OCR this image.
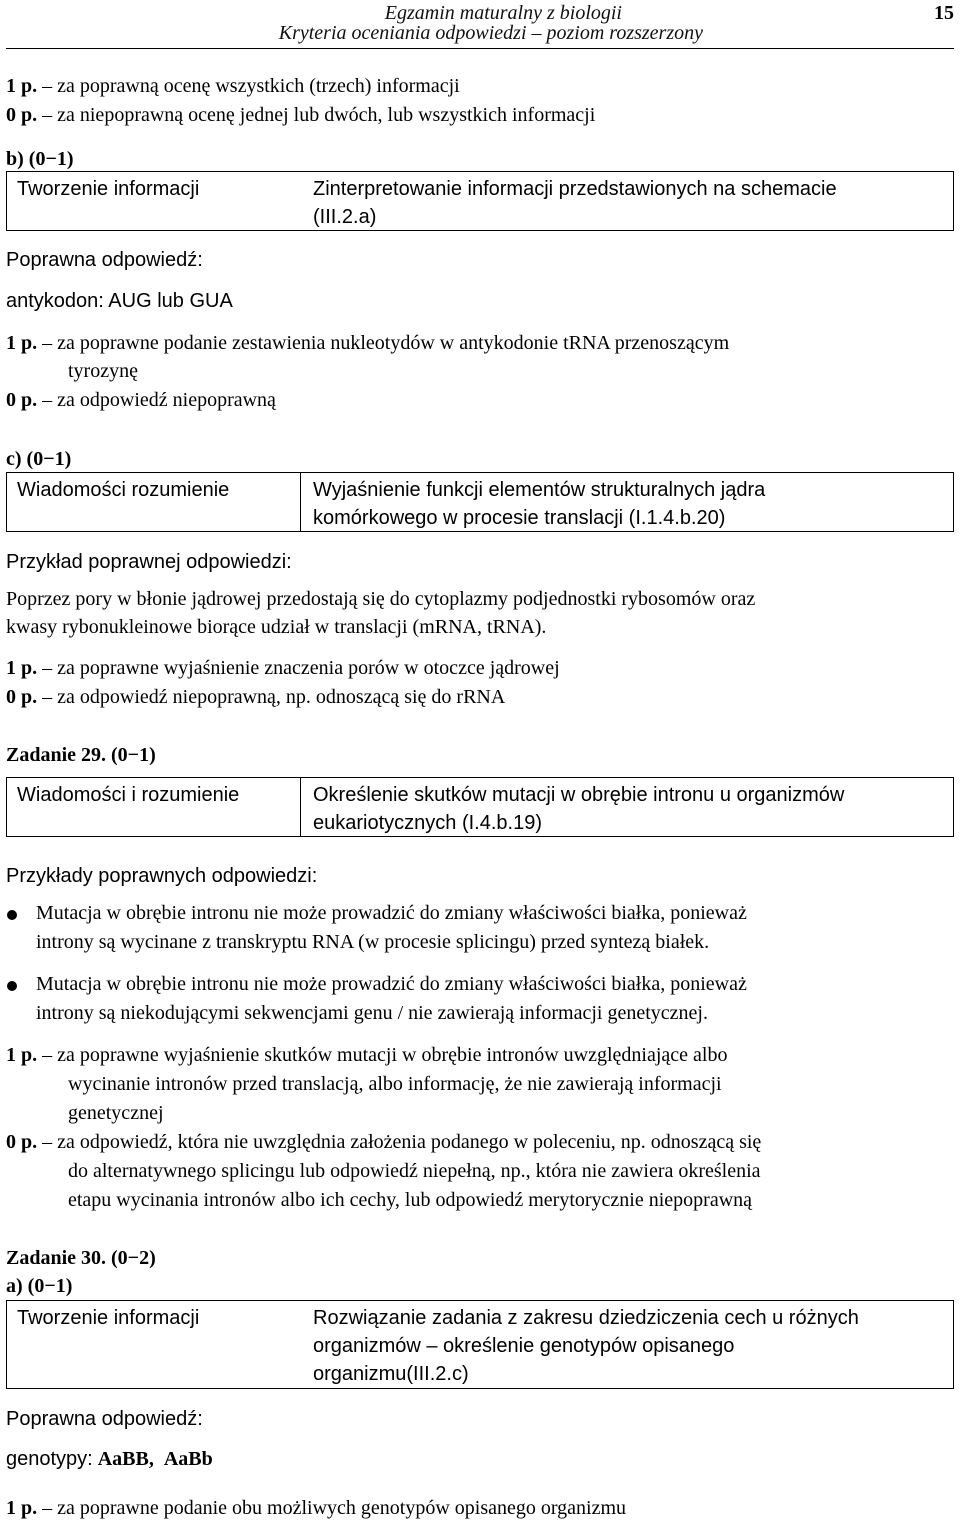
Egzamin maturalny z biologii
Kryteria oceniania odpowiedzi – poziom rozszerzony
15
1 p. – za poprawną ocenę wszystkich (trzech) informacji
0 p. – za niepoprawną ocenę jednej lub dwóch, lub wszystkich informacji
b) (0−1)
Tworzenie informacji	Zinterpretowanie informacji przedstawionych na schemacie
(III.2.a)
Poprawna odpowiedź:
antykodon: AUG lub GUA
1 p. – za poprawne podanie zestawienia nukleotydów w antykodonie tRNA przenoszącym
tyrozynę
0 p. – za odpowiedź niepoprawną
c) (0−1)
Wiadomości rozumienie	Wyjaśnienie funkcji elementów strukturalnych jądra
komórkowego w procesie translacji (I.1.4.b.20)
Przykład poprawnej odpowiedzi:
Poprzez pory w błonie jądrowej przedostają się do cytoplazmy podjednostki rybosomów oraz
kwasy rybonukleinowe biorące udział w translacji (mRNA, tRNA).
1 p. – za poprawne wyjaśnienie znaczenia porów w otoczce jądrowej
0 p. – za odpowiedź niepoprawną, np. odnoszącą się do rRNA
Zadanie 29. (0−1)
Wiadomości i rozumienie	Określenie skutków mutacji w obrębie intronu u organizmów
eukariotycznych (I.4.b.19)
Przykłady poprawnych odpowiedzi:
Mutacja w obrębie intronu nie może prowadzić do zmiany właściwości białka, ponieważ
introny są wycinane z transkryptu RNA (w procesie splicingu) przed syntezą białek.
Mutacja w obrębie intronu nie może prowadzić do zmiany właściwości białka, ponieważ
introny są niekodującymi sekwencjami genu / nie zawierają informacji genetycznej.
1 p. – za poprawne wyjaśnienie skutków mutacji w obrębie intronów uwzględniające albo
wycinanie intronów przed translacją, albo informację, że nie zawierają informacji
genetycznej
0 p. – za odpowiedź, która nie uwzględnia założenia podanego w poleceniu, np. odnoszącą się
do alternatywnego splicingu lub odpowiedź niepełną, np., która nie zawiera określenia
etapu wycinania intronów albo ich cechy, lub odpowiedź merytorycznie niepoprawną
Zadanie 30. (0−2)
a) (0−1)
Tworzenie informacji	Rozwiązanie zadania z zakresu dziedziczenia cech u różnych
organizmów – określenie genotypów opisanego
organizmu(III.2.c)
Poprawna odpowiedź:
genotypy: AaBB, AaBb
1 p. – za poprawne podanie obu możliwych genotypów opisanego organizmu
